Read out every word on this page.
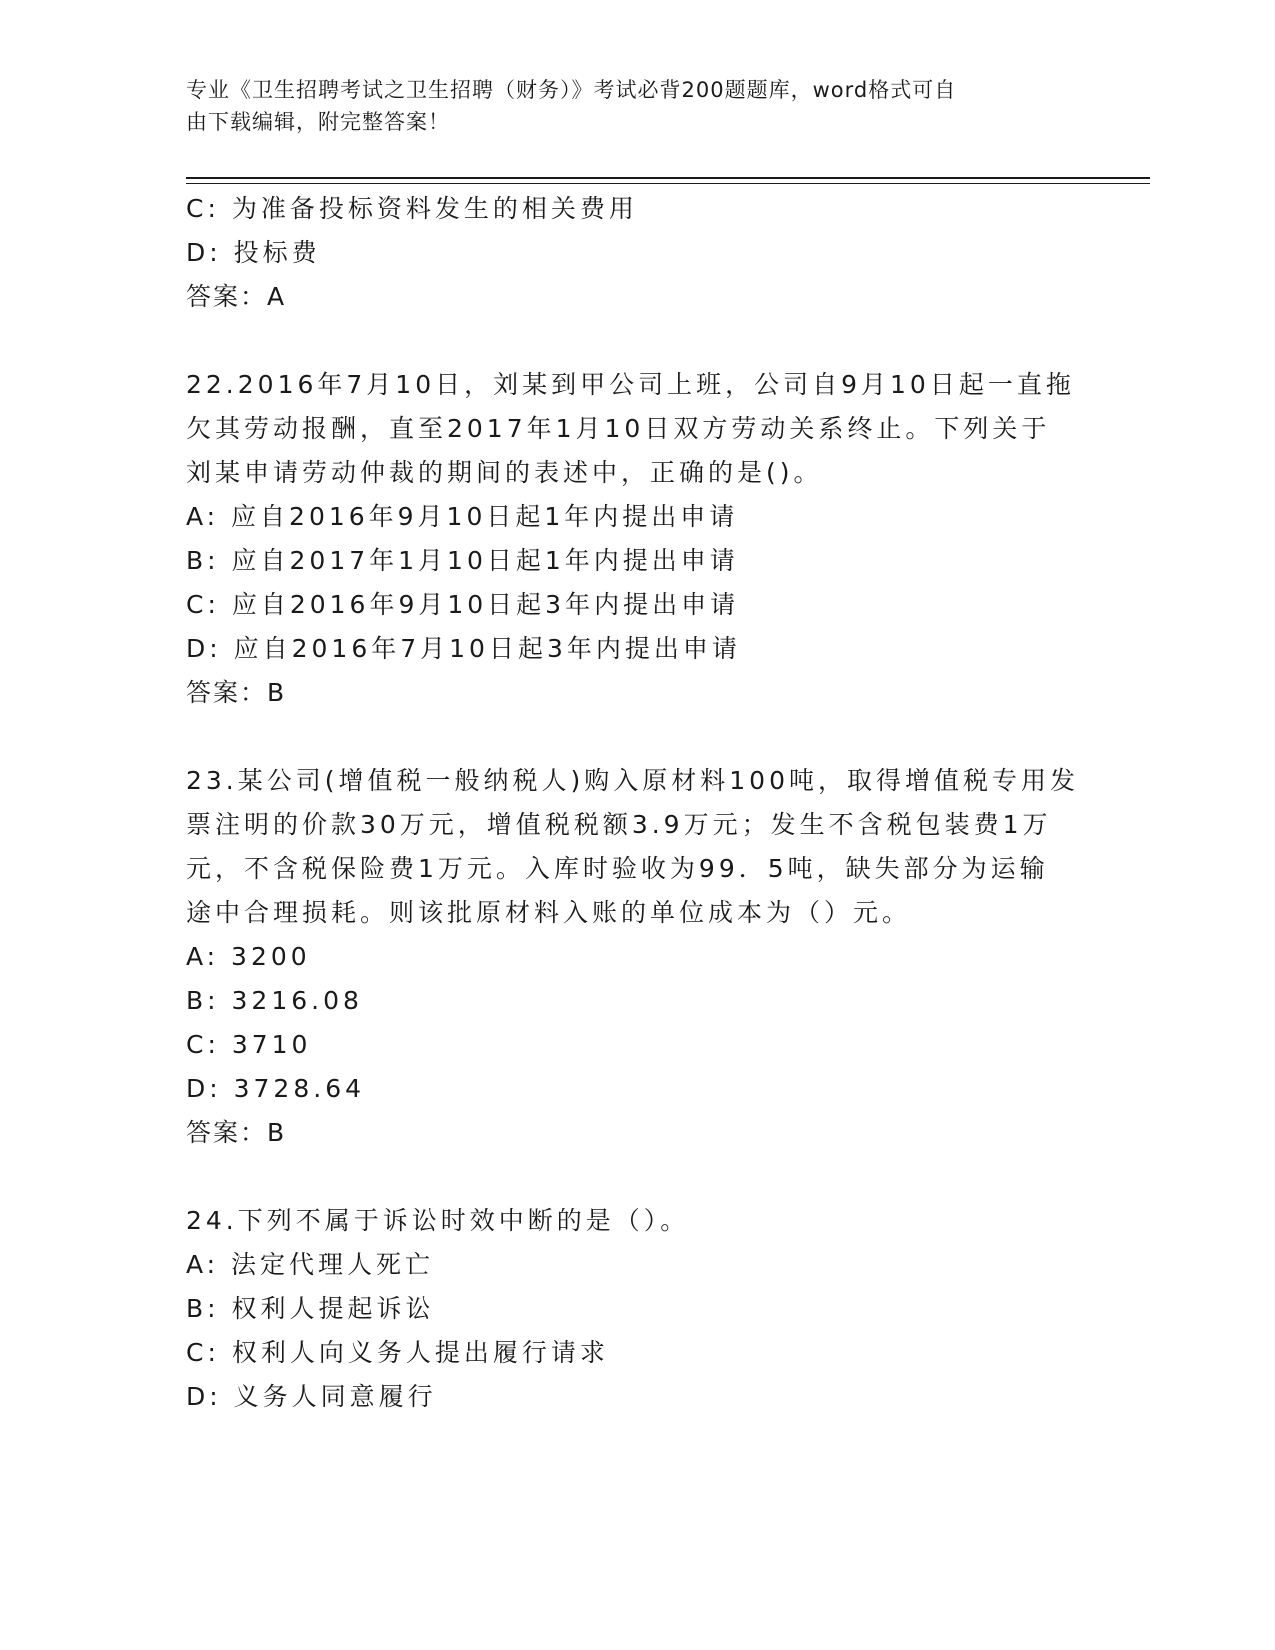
专业《卫生招聘考试之卫生招聘（财务）》考试必背200题题库，word格式可自
由下载编辑，附完整答案！
C: 为准备投标资料发生的相关费用
D: 投标费
答案：A
22.2016年7月10日，刘某到甲公司上班，公司自9月10日起一直拖
欠其劳动报酬，直至2017年1月10日双方劳动关系终止。下列关于
刘某申请劳动仲裁的期间的表述中，正确的是()。
A: 应自2016年9月10日起1年内提出申请
B: 应自2017年1月10日起1年内提出申请
C: 应自2016年9月10日起3年内提出申请
D: 应自2016年7月10日起3年内提出申请
答案：B
23.某公司(增值税一般纳税人)购入原材料100吨，取得增值税专用发
票注明的价款30万元，增值税税额3.9万元；发生不含税包装费1万
元，不含税保险费1万元。入库时验收为99．5吨，缺失部分为运输
途中合理损耗。则该批原材料入账的单位成本为（）元。
A: 3200
B: 3216.08
C: 3710
D: 3728.64
答案：B
24.下列不属于诉讼时效中断的是（）。
A: 法定代理人死亡
B: 权利人提起诉讼
C: 权利人向义务人提出履行请求
D: 义务人同意履行
